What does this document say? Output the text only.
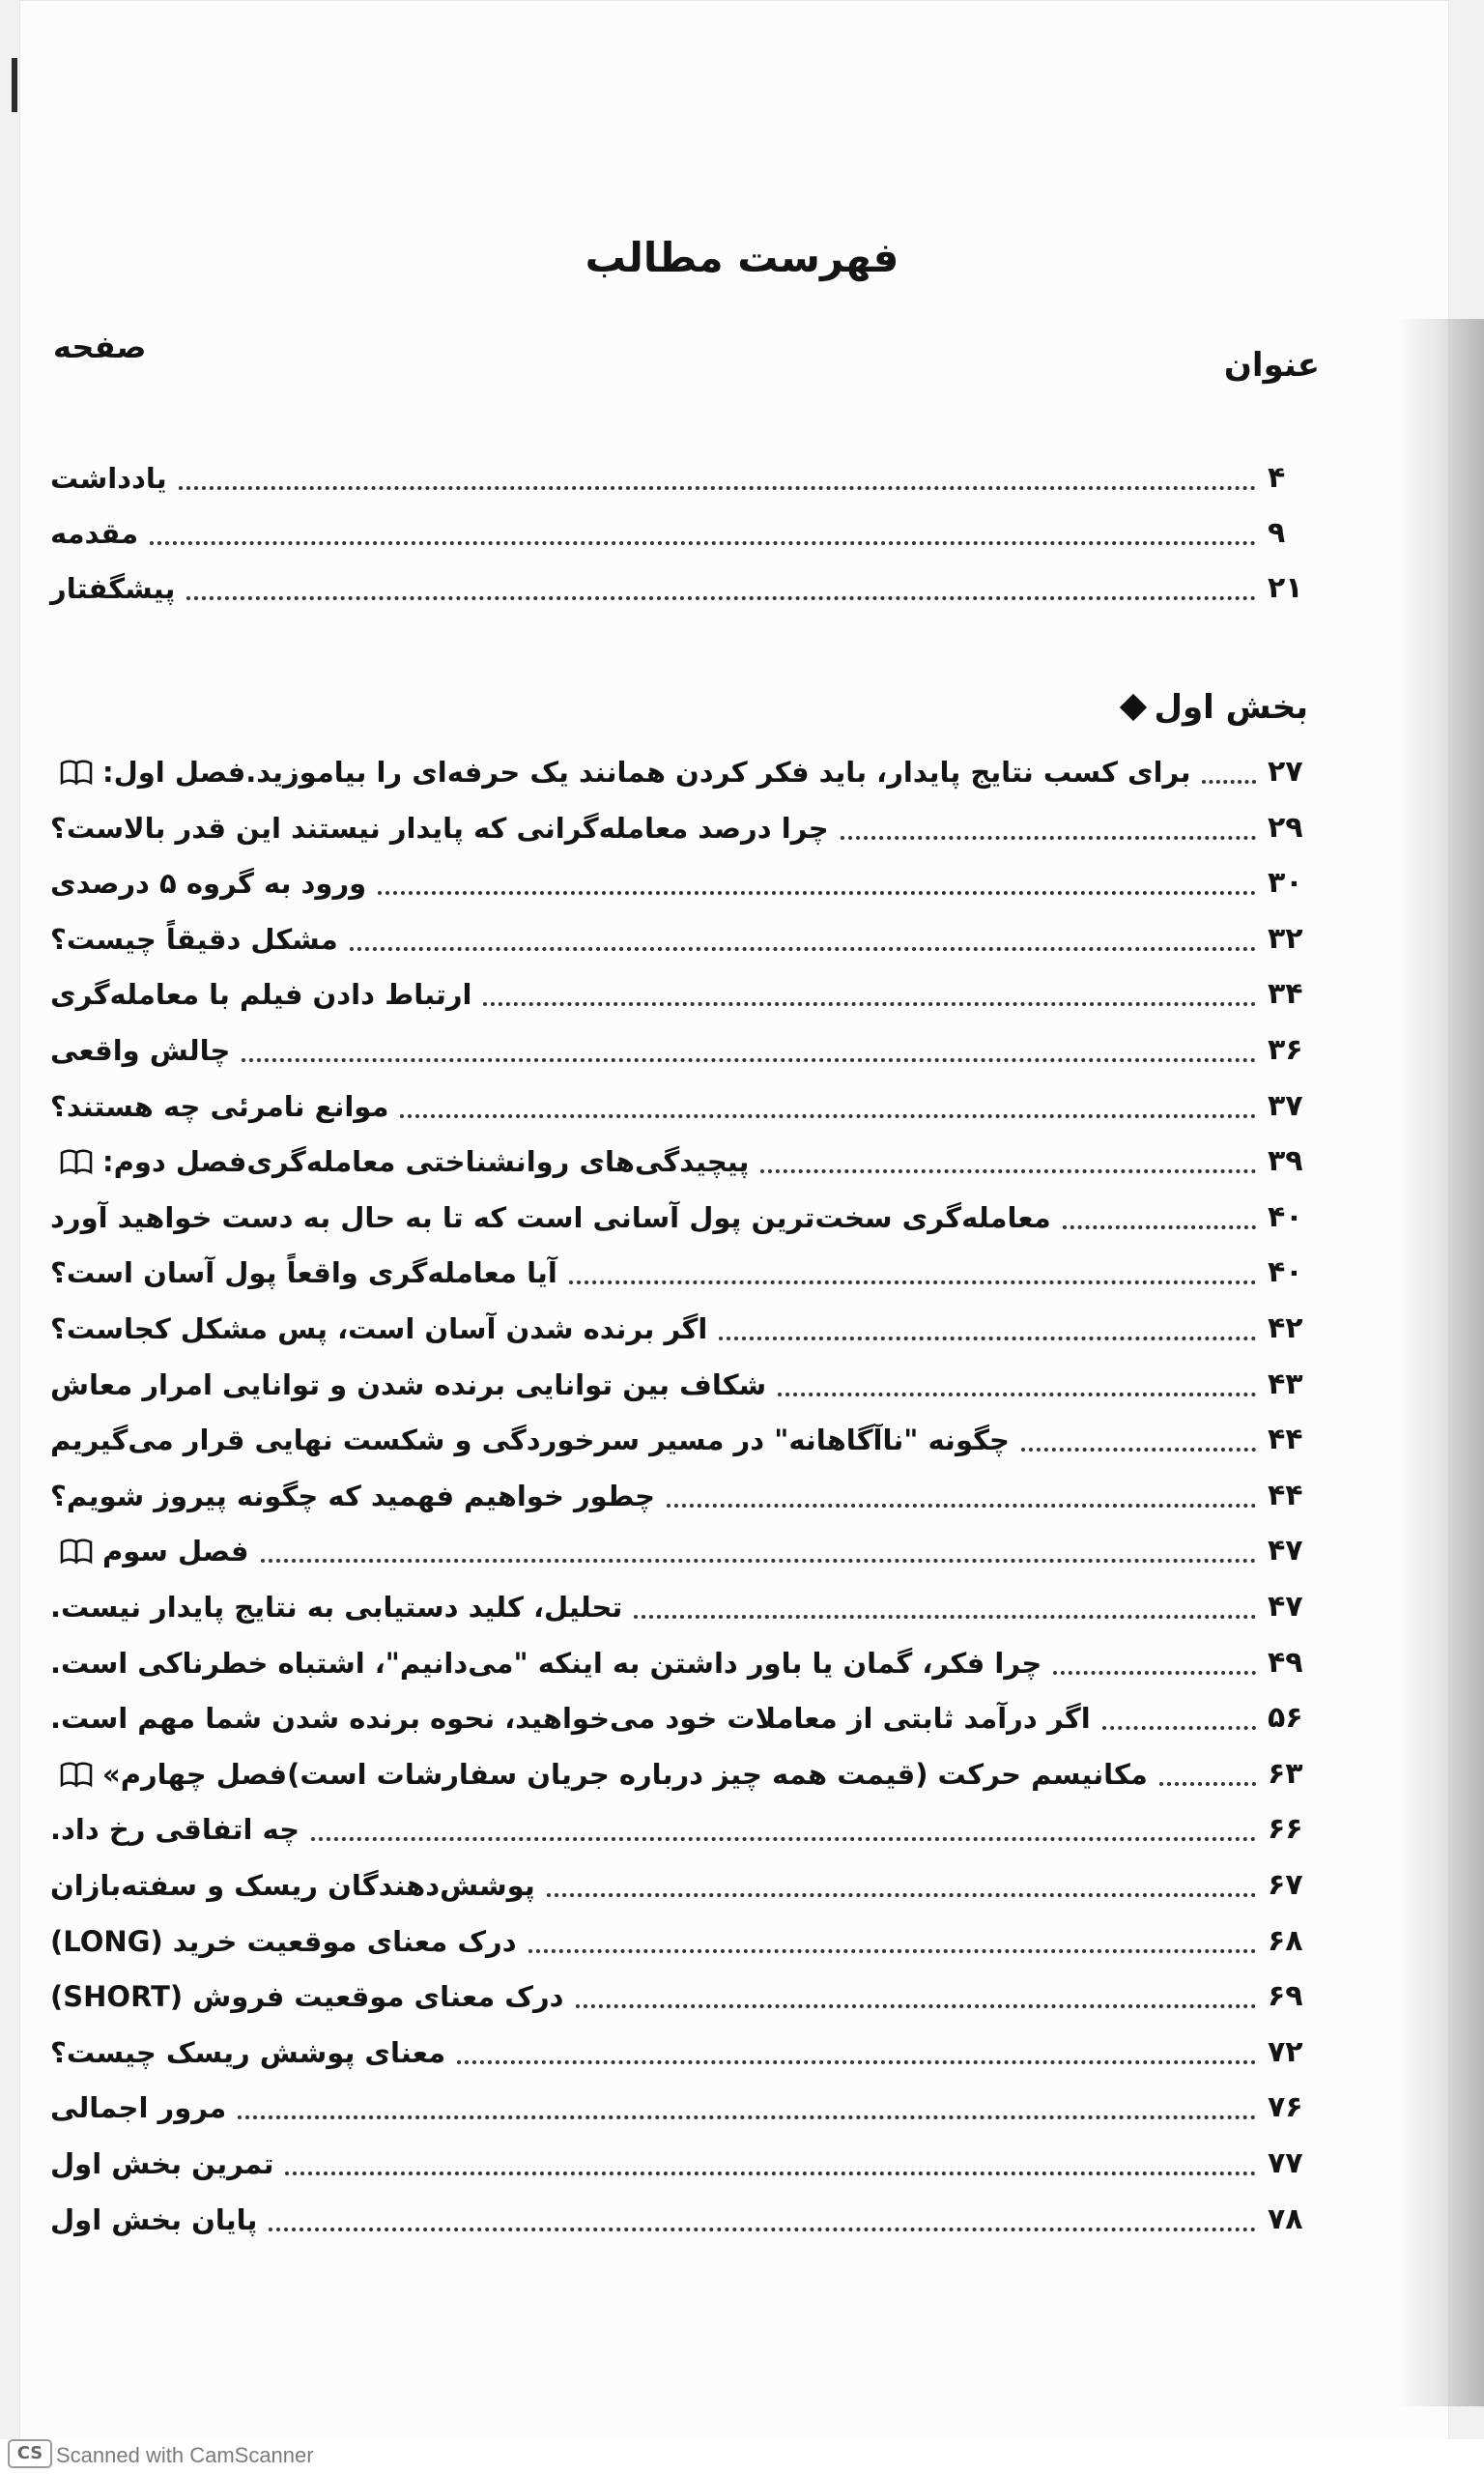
فهرست مطالب
صفحه	عنوان
یادداشت	۴
مقدمه	۹
پیشگفتار	۲۱
بخش اول
فصل اول: برای کسب نتایج پایدار، باید فکر کردن همانند یک حرفه‌ای را بیاموزید.	۲۷
چرا درصد معامله‌گرانی که پایدار نیستند این قدر بالاست؟	۲۹
ورود به گروه ۵ درصدی	۳۰
مشکل دقیقاً چیست؟	۳۲
ارتباط دادن فیلم با معامله‌گری	۳۴
چالش واقعی	۳۶
موانع نامرئی چه هستند؟	۳۷
فصل دوم: پیچیدگی‌های روانشناختی معامله‌گری	۳۹
معامله‌گری سخت‌ترین پول آسانی است که تا به حال به دست خواهید آورد	۴۰
آیا معامله‌گری واقعاً پول آسان است؟	۴۰
اگر برنده شدن آسان است، پس مشکل کجاست؟	۴۲
شکاف بین توانایی برنده شدن و توانایی امرار معاش	۴۳
چگونه "ناآگاهانه" در مسیر سرخوردگی و شکست نهایی قرار می‌گیریم	۴۴
چطور خواهیم فهمید که چگونه پیروز شویم؟	۴۴
فصل سوم	۴۷
تحلیل، کلید دستیابی به نتایج پایدار نیست.	۴۷
چرا فکر، گمان یا باور داشتن به اینکه "می‌دانیم"، اشتباه خطرناکی است.	۴۹
اگر درآمد ثابتی از معاملات خود می‌خواهید، نحوه برنده شدن شما مهم است.	۵۶
فصل چهارم» مکانیسم حرکت (قیمت همه چیز درباره جریان سفارشات است)	۶۳
چه اتفاقی رخ داد.	۶۶
پوشش‌دهندگان ریسک و سفته‌بازان	۶۷
درک معنای موقعیت خرید (LONG)	۶۸
درک معنای موقعیت فروش (SHORT)	۶۹
معنای پوشش ریسک چیست؟	۷۲
مرور اجمالی	۷۶
تمرین بخش اول	۷۷
پایان بخش اول	۷۸
CS Scanned with CamScanner
